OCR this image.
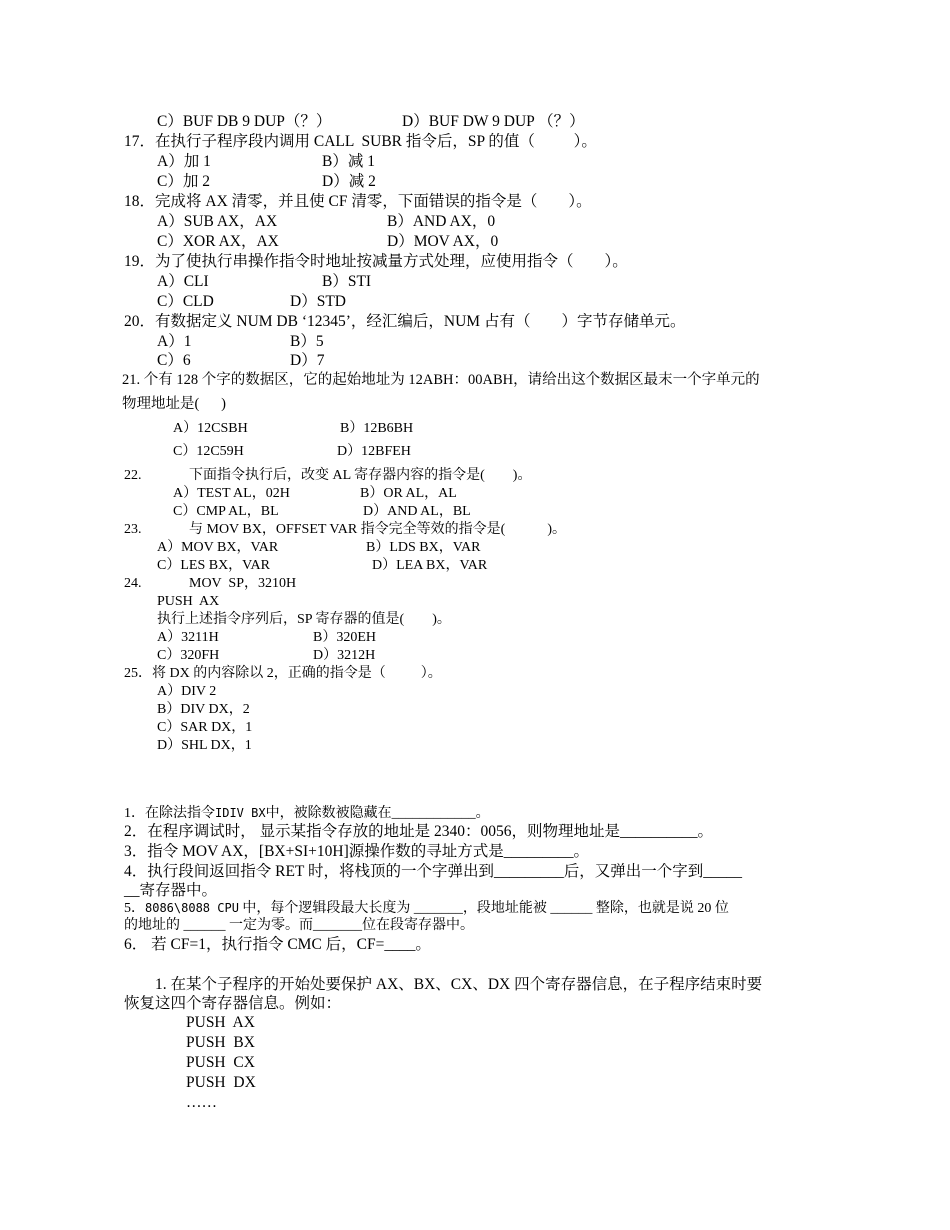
C）BUF DB 9 DUP（？）	D）BUF DW 9 DUP （？）
17．在执行子程序段内调用 CALL  SUBR 指令后，SP 的值（          ）。
A）加 1	B）减 1
C）加 2	D）减 2
18．完成将 AX 清零，并且使 CF 清零，下面错误的指令是（        ）。
A）SUB AX，AX	B）AND AX，0
C）XOR AX，AX	D）MOV AX，0
19．为了使执行串操作指令时地址按减量方式处理，应使用指令（        ）。
A）CLI	B）STI
C）CLD	D）STD
20．有数据定义 NUM DB ‘12345’，经汇编后，NUM 占有（        ）字节存储单元。
A）1	B）5
C）6	D）7
21. 个有 128 个字的数据区，它的起始地址为 12ABH：00ABH，请给出这个数据区最末一个字单元的
物理地址是(      )
A）12CSBH	B）12B6BH
C）12C59H	D）12BFEH
22.	下面指令执行后，改变 AL 寄存器内容的指令是(        )。
A）TEST AL，02H	B）OR AL，AL
C）CMP AL，BL	D）AND AL，BL
23.	与 MOV BX，OFFSET VAR 指令完全等效的指令是(            )。
A）MOV BX，VAR	B）LDS BX，VAR
C）LES BX，VAR	D）LEA BX，VAR
24.	MOV  SP，3210H
PUSH  AX
执行上述指令序列后，SP 寄存器的值是(        )。
A）3211H	B）320EH
C）320FH	D）3212H
25．将 DX 的内容除以 2，正确的指令是（          ）。
A）DIV 2
B）DIV DX，2
C）SAR DX，1
D）SHL DX，1
1．在除法指令IDIV BX中，被除数被隐藏在____________。
2．在程序调试时， 显示某指令存放的地址是 2340：0056，则物理地址是__________。
3．指令 MOV AX，[BX+SI+10H]源操作数的寻址方式是_________。
4．执行段间返回指令 RET 时，将栈顶的一个字弹出到_________后，又弹出一个字到_____
__寄存器中。
5．8086\8088 CPU 中，每个逻辑段最大长度为 _______，段地址能被 ______ 整除，也就是说 20 位
的地址的 ______ 一定为零。而_______位在段寄存器中。
6． 若 CF=1，执行指令 CMC 后，CF=____。
1. 在某个子程序的开始处要保护 AX、BX、CX、DX 四个寄存器信息，在子程序结束时要
恢复这四个寄存器信息。例如：
PUSH  AX
PUSH  BX
PUSH  CX
PUSH  DX
……
